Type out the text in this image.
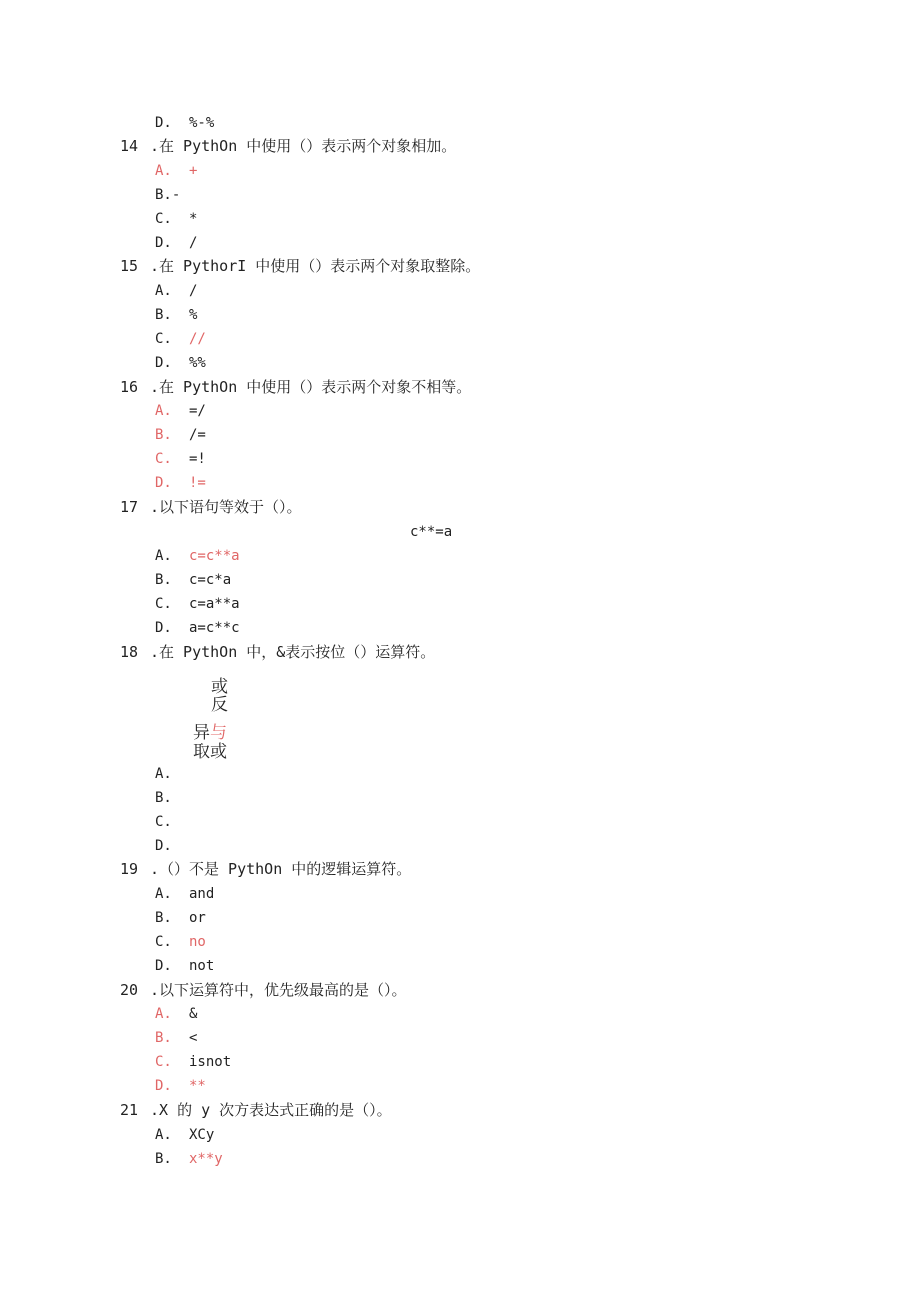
D. %-%
14 .在 PythOn 中使用（）表示两个对象相加。
A. +
B.-
C. *
D. /
15 .在 PythorI 中使用（）表示两个对象取整除。
A. /
B. %
C. //
D. %%
16 .在 PythOn 中使用（）表示两个对象不相等。
A. =/
B. /=
C. =!
D. !=
17 .以下语句等效于（）。
c**=a
A. c=c**a
B. c=c*a
C. c=a**a
D. a=c**c
18 .在 PythOn 中，&表示按位（）运算符。
或
反
异与
取或
A.
B.
C.
D.
19 .（）不是 PythOn 中的逻辑运算符。
A. and
B. or
C. no
D. not
20 .以下运算符中，优先级最高的是（）。
A. &
B. <
C. isnot
D. **
21 .X 的 y 次方表达式正确的是（）。
A. XCy
B. x**y
